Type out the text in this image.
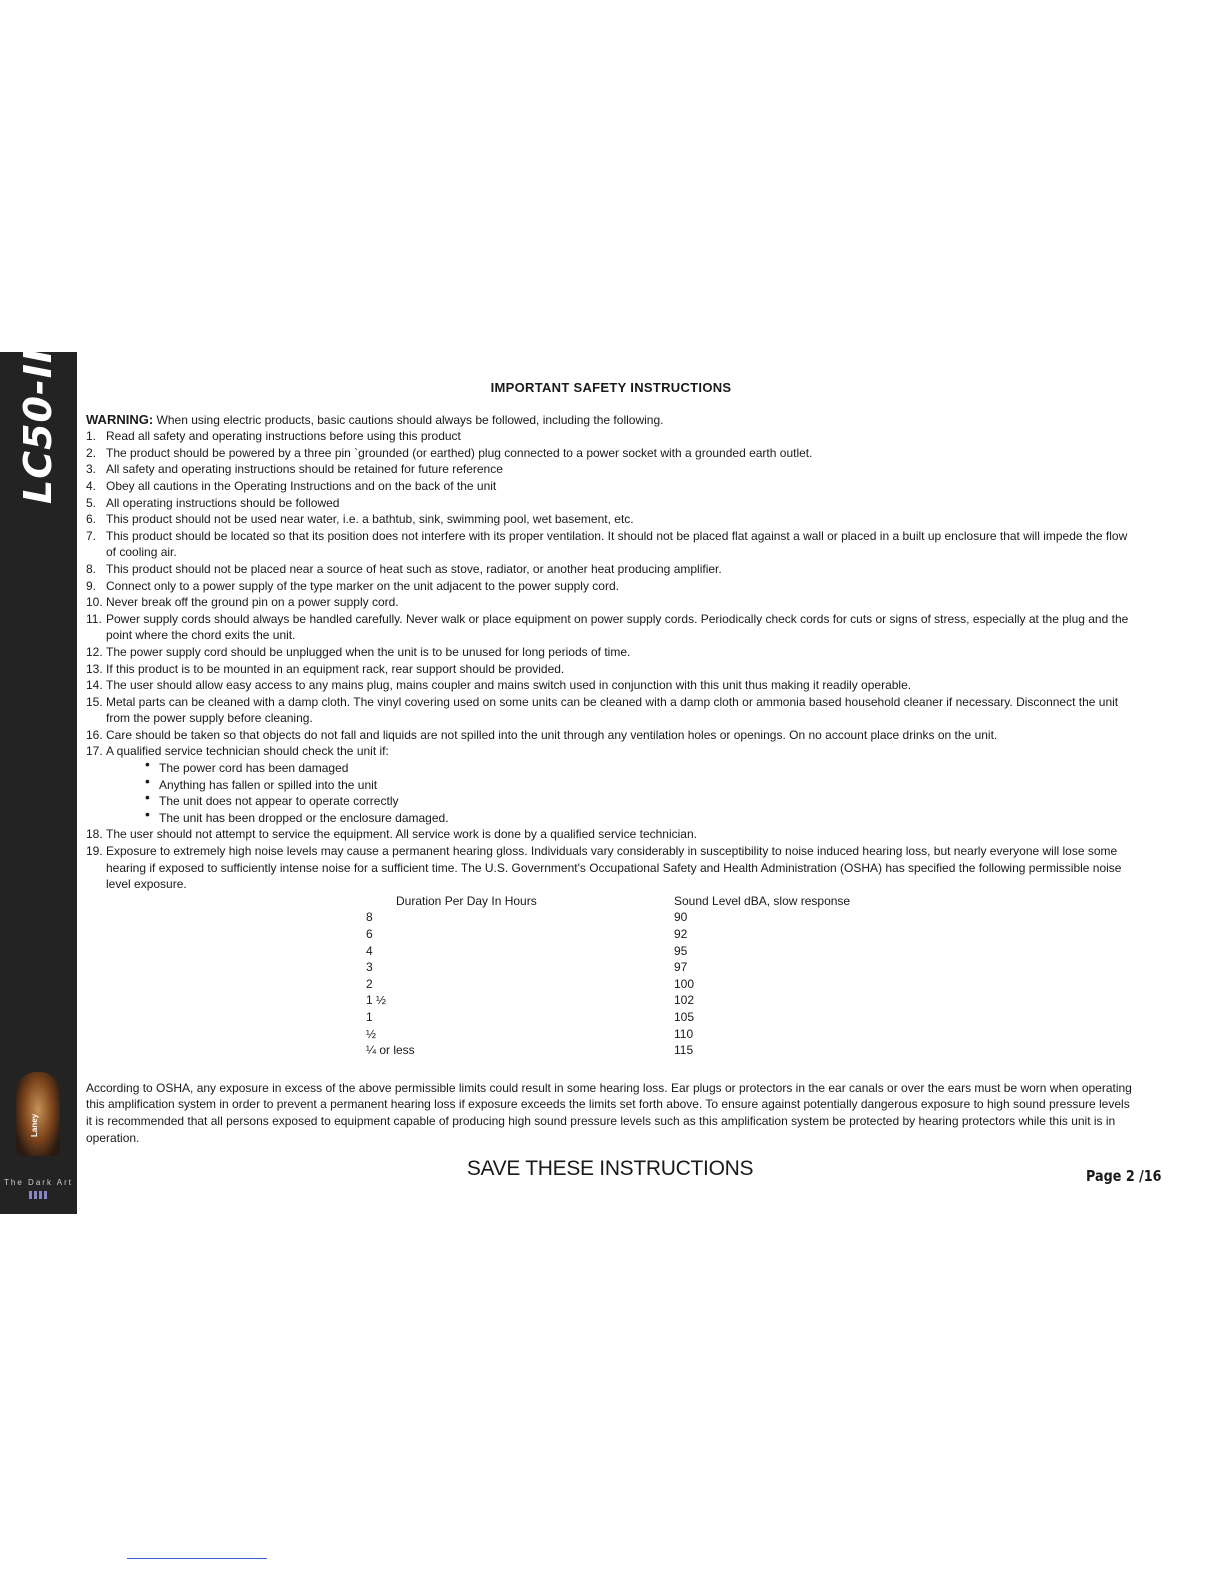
LC50-II
Laney
The Dark Art
IMPORTANT SAFETY INSTRUCTIONS
WARNING: When using electric products, basic cautions should always be followed, including the following.
1. Read all safety and operating instructions before using this product
2. The product should be powered by a three pin `grounded (or earthed) plug connected to a power socket with a grounded earth outlet.
3. All safety and operating instructions should be retained for future reference
4. Obey all cautions in the Operating Instructions and on the back of the unit
5. All operating instructions should be followed
6. This product should not be used near water, i.e. a bathtub, sink, swimming pool, wet basement, etc.
7. This product should be located so that its position does not interfere with its proper ventilation. It should not be placed flat against a wall or placed in a built up enclosure that will impede the flow of cooling air.
8. This product should not be placed near a source of heat such as stove, radiator, or another heat producing amplifier.
9. Connect only to a power supply of the type marker on the unit adjacent to the power supply cord.
10. Never break off the ground pin on a power supply cord.
11. Power supply cords should always be handled carefully. Never walk or place equipment on power supply cords. Periodically check cords for cuts or signs of stress, especially at the plug and the point where the chord exits the unit.
12. The power supply cord should be unplugged when the unit is to be unused for long periods of time.
13. If this product is to be mounted in an equipment rack, rear support should be provided.
14. The user should allow easy access to any mains plug, mains coupler and mains switch used in conjunction with this unit thus making it readily operable.
15. Metal parts can be cleaned with a damp cloth. The vinyl covering used on some units can be cleaned with a damp cloth or ammonia based household cleaner if necessary. Disconnect the unit from the power supply before cleaning.
16. Care should be taken so that objects do not fall and liquids are not spilled into the unit through any ventilation holes or openings. On no account place drinks on the unit.
17. A qualified service technician should check the unit if:
• The power cord has been damaged
• Anything has fallen or spilled into the unit
• The unit does not appear to operate correctly
• The unit has been dropped or the enclosure damaged.
18. The user should not attempt to service the equipment. All service work is done by a qualified service technician.
19. Exposure to extremely high noise levels may cause a permanent hearing gloss. Individuals vary considerably in susceptibility to noise induced hearing loss, but nearly everyone will lose some hearing if exposed to sufficiently intense noise for a sufficient time. The U.S. Government's Occupational Safety and Health Administration (OSHA) has specified the following permissible noise level exposure.
Duration Per Day In Hours	Sound Level dBA, slow response
8	90
6	92
4	95
3	97
2	100
1 ½	102
1	105
½	110
¼ or less	115
According to OSHA, any exposure in excess of the above permissible limits could result in some hearing loss. Ear plugs or protectors in the ear canals or over the ears must be worn when operating this amplification system in order to prevent a permanent hearing loss if exposure exceeds the limits set forth above. To ensure against potentially dangerous exposure to high sound pressure levels it is recommended that all persons exposed to equipment capable of producing high sound pressure levels such as this amplification system be protected by hearing protectors while this unit is in operation.
SAVE THESE INSTRUCTIONS	Page 2 /16
